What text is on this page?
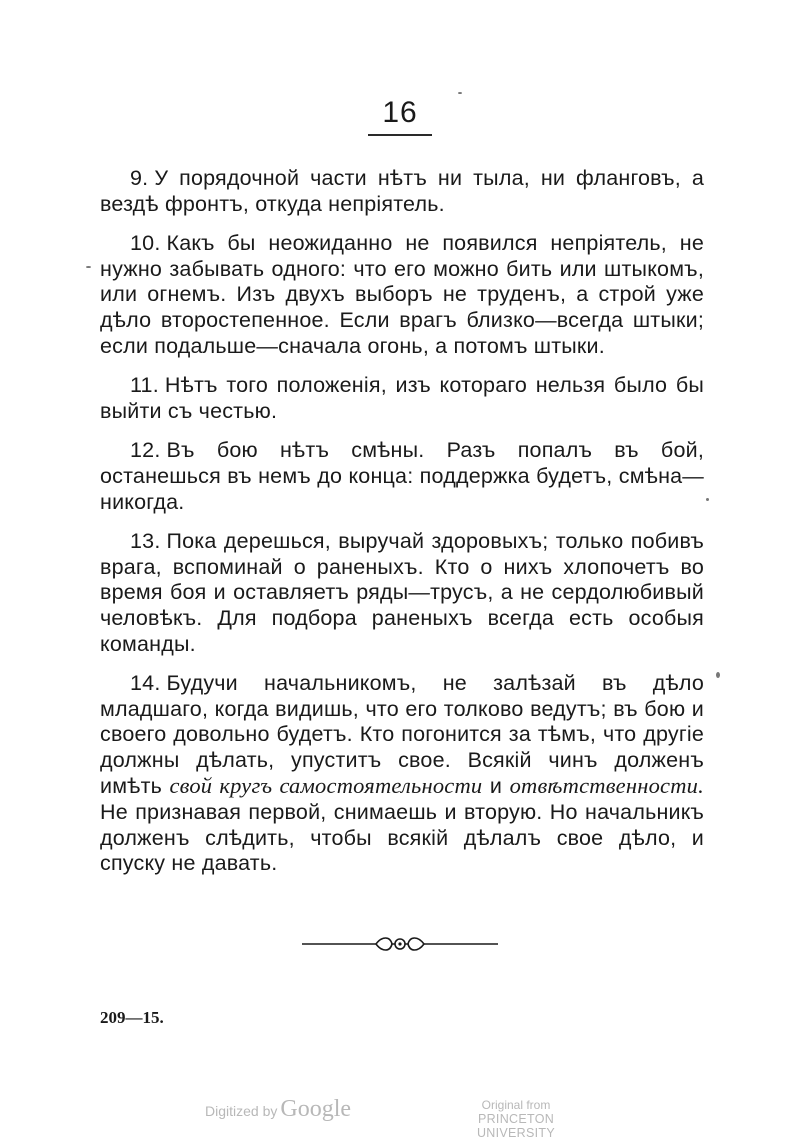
16

9. У порядочной части нѣтъ ни тыла, ни фланговъ, а вездѣ фронтъ, откуда непріятель.

10. Какъ бы неожиданно не появился непріятель, не нужно забывать одного: что его можно бить или штыкомъ, или огнемъ. Изъ двухъ выборъ не труденъ, а строй уже дѣло второстепенное. Если врагъ близко—всегда штыки; если подальше—сначала огонь, а потомъ штыки.

11. Нѣтъ того положенія, изъ котораго нельзя было бы выйти съ честью.

12. Въ бою нѣтъ смѣны. Разъ попалъ въ бой, останешься въ немъ до конца: поддержка будетъ, смѣна—никогда.

13. Пока дерешься, выручай здоровыхъ; только побивъ врага, вспоминай о раненыхъ. Кто о нихъ хлопочетъ во время боя и оставляетъ ряды—трусъ, а не сердолюбивый человѣкъ. Для подбора раненыхъ всегда есть особыя команды.

14. Будучи начальникомъ, не залѣзай въ дѣло младшаго, когда видишь, что его толково ведутъ; въ бою и своего довольно будетъ. Кто погонится за тѣмъ, что другіе должны дѣлать, упуститъ свое. Всякій чинъ долженъ имѣть свой кругъ самостоятельности и отвѣтственности. Не признавая первой, снимаешь и вторую. Но начальникъ долженъ слѣдить, чтобы всякій дѣлалъ свое дѣло, и спуску не давать.

209—15.
Digitized by Google	Original from
PRINCETON UNIVERSITY
